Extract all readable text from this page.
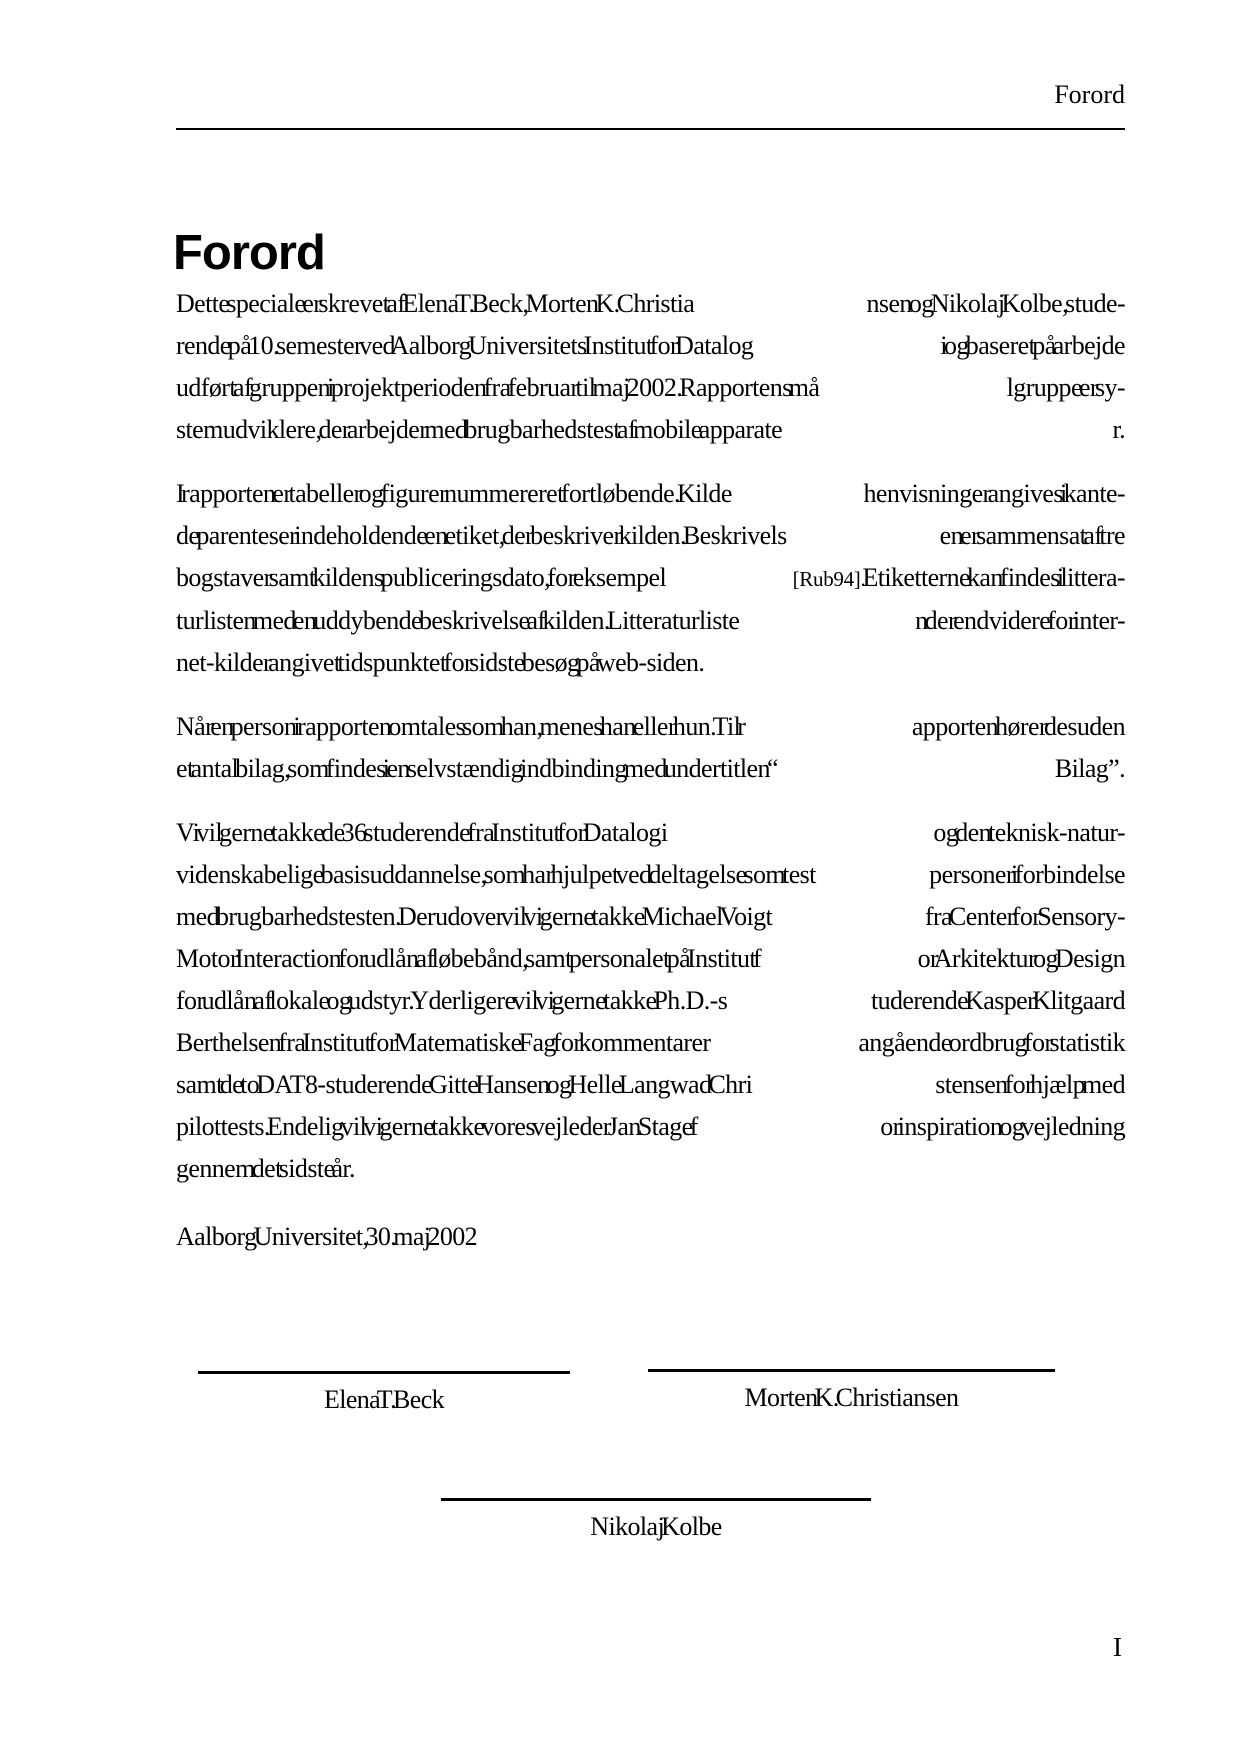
Forord
Forord
Dette speciale er skrevet af Elena T. Beck, Morten K. Christia	nsen og Nikolaj Kolbe, stude-
rende på 10. semester ved Aalborg Universitets Institut for Datalog	i og baseret på arbejde
udført af gruppen i projektperioden fra februar til maj 2002. Rapportens må	lgruppe er sy-
stemudviklere, der arbejder med brugbarhedstest af mobile apparate	r.
I rapporten er tabeller og figurer nummereret fortløbende. Kilde	henvisninger angives i kante-
de parenteser indeholdende en etiket, der beskriver kilden. Beskrivels	en er sammensat af tre
bogstaver samt kildens publiceringsdato, for eksempel	[Rub94]. Etiketterne kan findes i littera-
turlisten med en uddybende beskrivelse af kilden. Litteraturliste	n der endvidere for inter-
net-kilder angivet tidspunktet for sidste besøg på web-siden.
Når en person i rapporten omtales som han, menes han eller hun. Til r	apporten hører desuden
et antal bilag, som findes i en selvstændig indbinding med undertitlen “	Bilag”.
Vi vil gerne takke de 36 studerende fra Institut for Datalogi	og den teknisk-natur-
videnskabelige basisuddannelse, som har hjulpet ved deltagelse som test	personer i forbindelse
med brugbarhedstesten. Derudover vil vi gerne takke Michael Voigt	fra Center for Sensory-
Motor Interaction for udlån af løbebånd, samt personalet på Institut f	or Arkitektur og Design
for udlån af lokale og udstyr. Yderligere vil vi gerne takke Ph.D.-s	tuderende Kasper Klitgaard
Berthelsen fra Institut for Matematiske Fag for kommentarer	angående ordbrug for statistik
samt de to DAT8-studerende Gitte Hansen og Helle Langwad Chri	stensen for hjælp med
pilottests. Endelig vil vi gerne takke vores vejleder Jan Stage f	or inspiration og vejledning
gennem det sidste år.
Aalborg Universitet, 30. maj 2002
Elena T. Beck	Morten K. Christiansen
Nikolaj Kolbe
I
